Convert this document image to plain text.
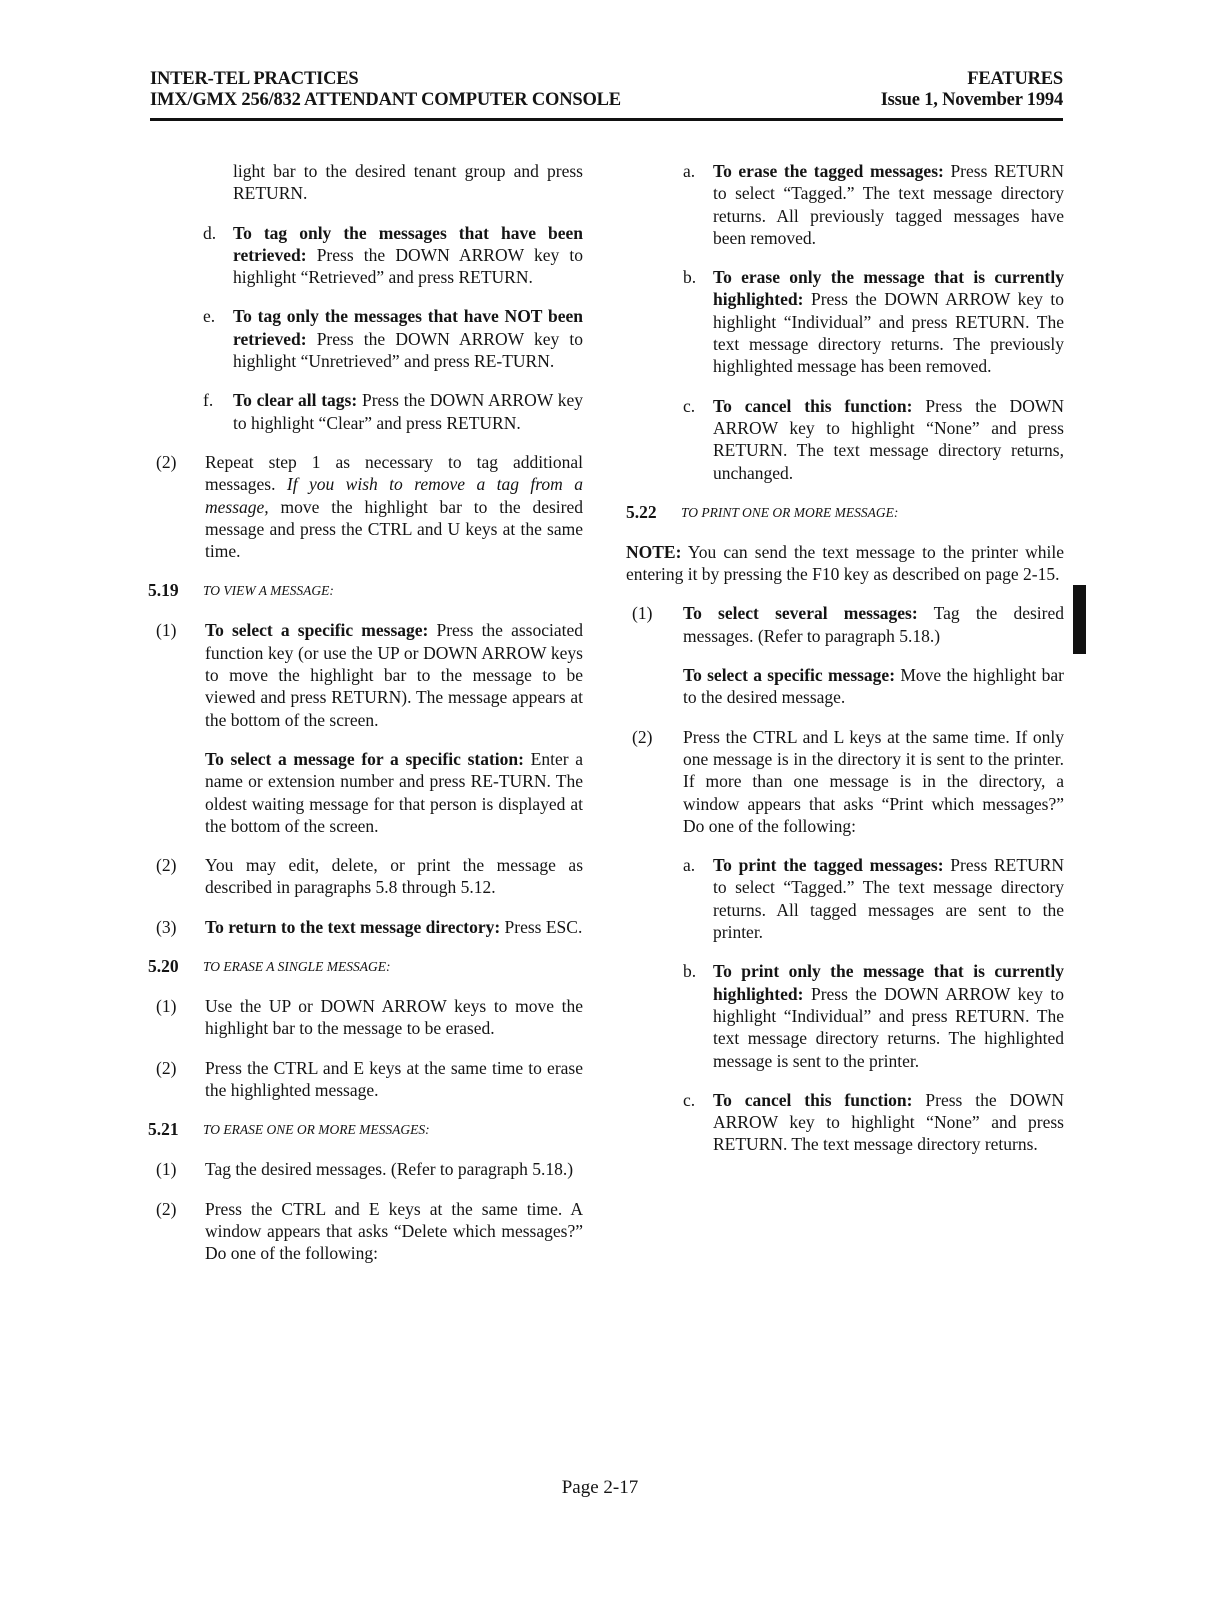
INTER-TEL PRACTICES
IMX/GMX 256/832 ATTENDANT COMPUTER CONSOLE
FEATURES
Issue 1, November 1994
light bar to the desired tenant group and press RETURN.
d. To tag only the messages that have been retrieved: Press the DOWN ARROW key to highlight “Retrieved” and press RETURN.
e. To tag only the messages that have NOT been retrieved: Press the DOWN ARROW key to highlight “Unretrieved” and press RE-TURN.
f. To clear all tags: Press the DOWN ARROW key to highlight “Clear” and press RETURN.
(2) Repeat step 1 as necessary to tag additional messages. If you wish to remove a tag from a message, move the highlight bar to the desired message and press the CTRL and U keys at the same time.
5.19 TO VIEW A MESSAGE:
(1) To select a specific message: Press the associated function key (or use the UP or DOWN ARROW keys to move the highlight bar to the message to be viewed and press RETURN). The message appears at the bottom of the screen.
To select a message for a specific station: Enter a name or extension number and press RE-TURN. The oldest waiting message for that person is displayed at the bottom of the screen.
(2) You may edit, delete, or print the message as described in paragraphs 5.8 through 5.12.
(3) To return to the text message directory: Press ESC.
5.20 TO ERASE A SINGLE MESSAGE:
(1) Use the UP or DOWN ARROW keys to move the highlight bar to the message to be erased.
(2) Press the CTRL and E keys at the same time to erase the highlighted message.
5.21 TO ERASE ONE OR MORE MESSAGES:
(1) Tag the desired messages. (Refer to paragraph 5.18.)
(2) Press the CTRL and E keys at the same time. A window appears that asks “Delete which messages?” Do one of the following:
a. To erase the tagged messages: Press RETURN to select “Tagged.” The text message directory returns. All previously tagged messages have been removed.
b. To erase only the message that is currently highlighted: Press the DOWN ARROW key to highlight “Individual” and press RETURN. The text message directory returns. The previously highlighted message has been removed.
c. To cancel this function: Press the DOWN ARROW key to highlight “None” and press RETURN. The text message directory returns, unchanged.
5.22 TO PRINT ONE OR MORE MESSAGE:

NOTE: You can send the text message to the printer while entering it by pressing the F10 key as described on page 2-15.

(1) To select several messages: Tag the desired messages. (Refer to paragraph 5.18.)
To select a specific message: Move the highlight bar to the desired message.
(2) Press the CTRL and L keys at the same time. If only one message is in the directory it is sent to the printer. If more than one message is in the directory, a window appears that asks “Print which messages?” Do one of the following:
a. To print the tagged messages: Press RETURN to select “Tagged.” The text message directory returns. All tagged messages are sent to the printer.
b. To print only the message that is currently highlighted: Press the DOWN ARROW key to highlight “Individual” and press RETURN. The text message directory returns. The highlighted message is sent to the printer.
c. To cancel this function: Press the DOWN ARROW key to highlight “None” and press RETURN. The text message directory returns.
Page 2-17
